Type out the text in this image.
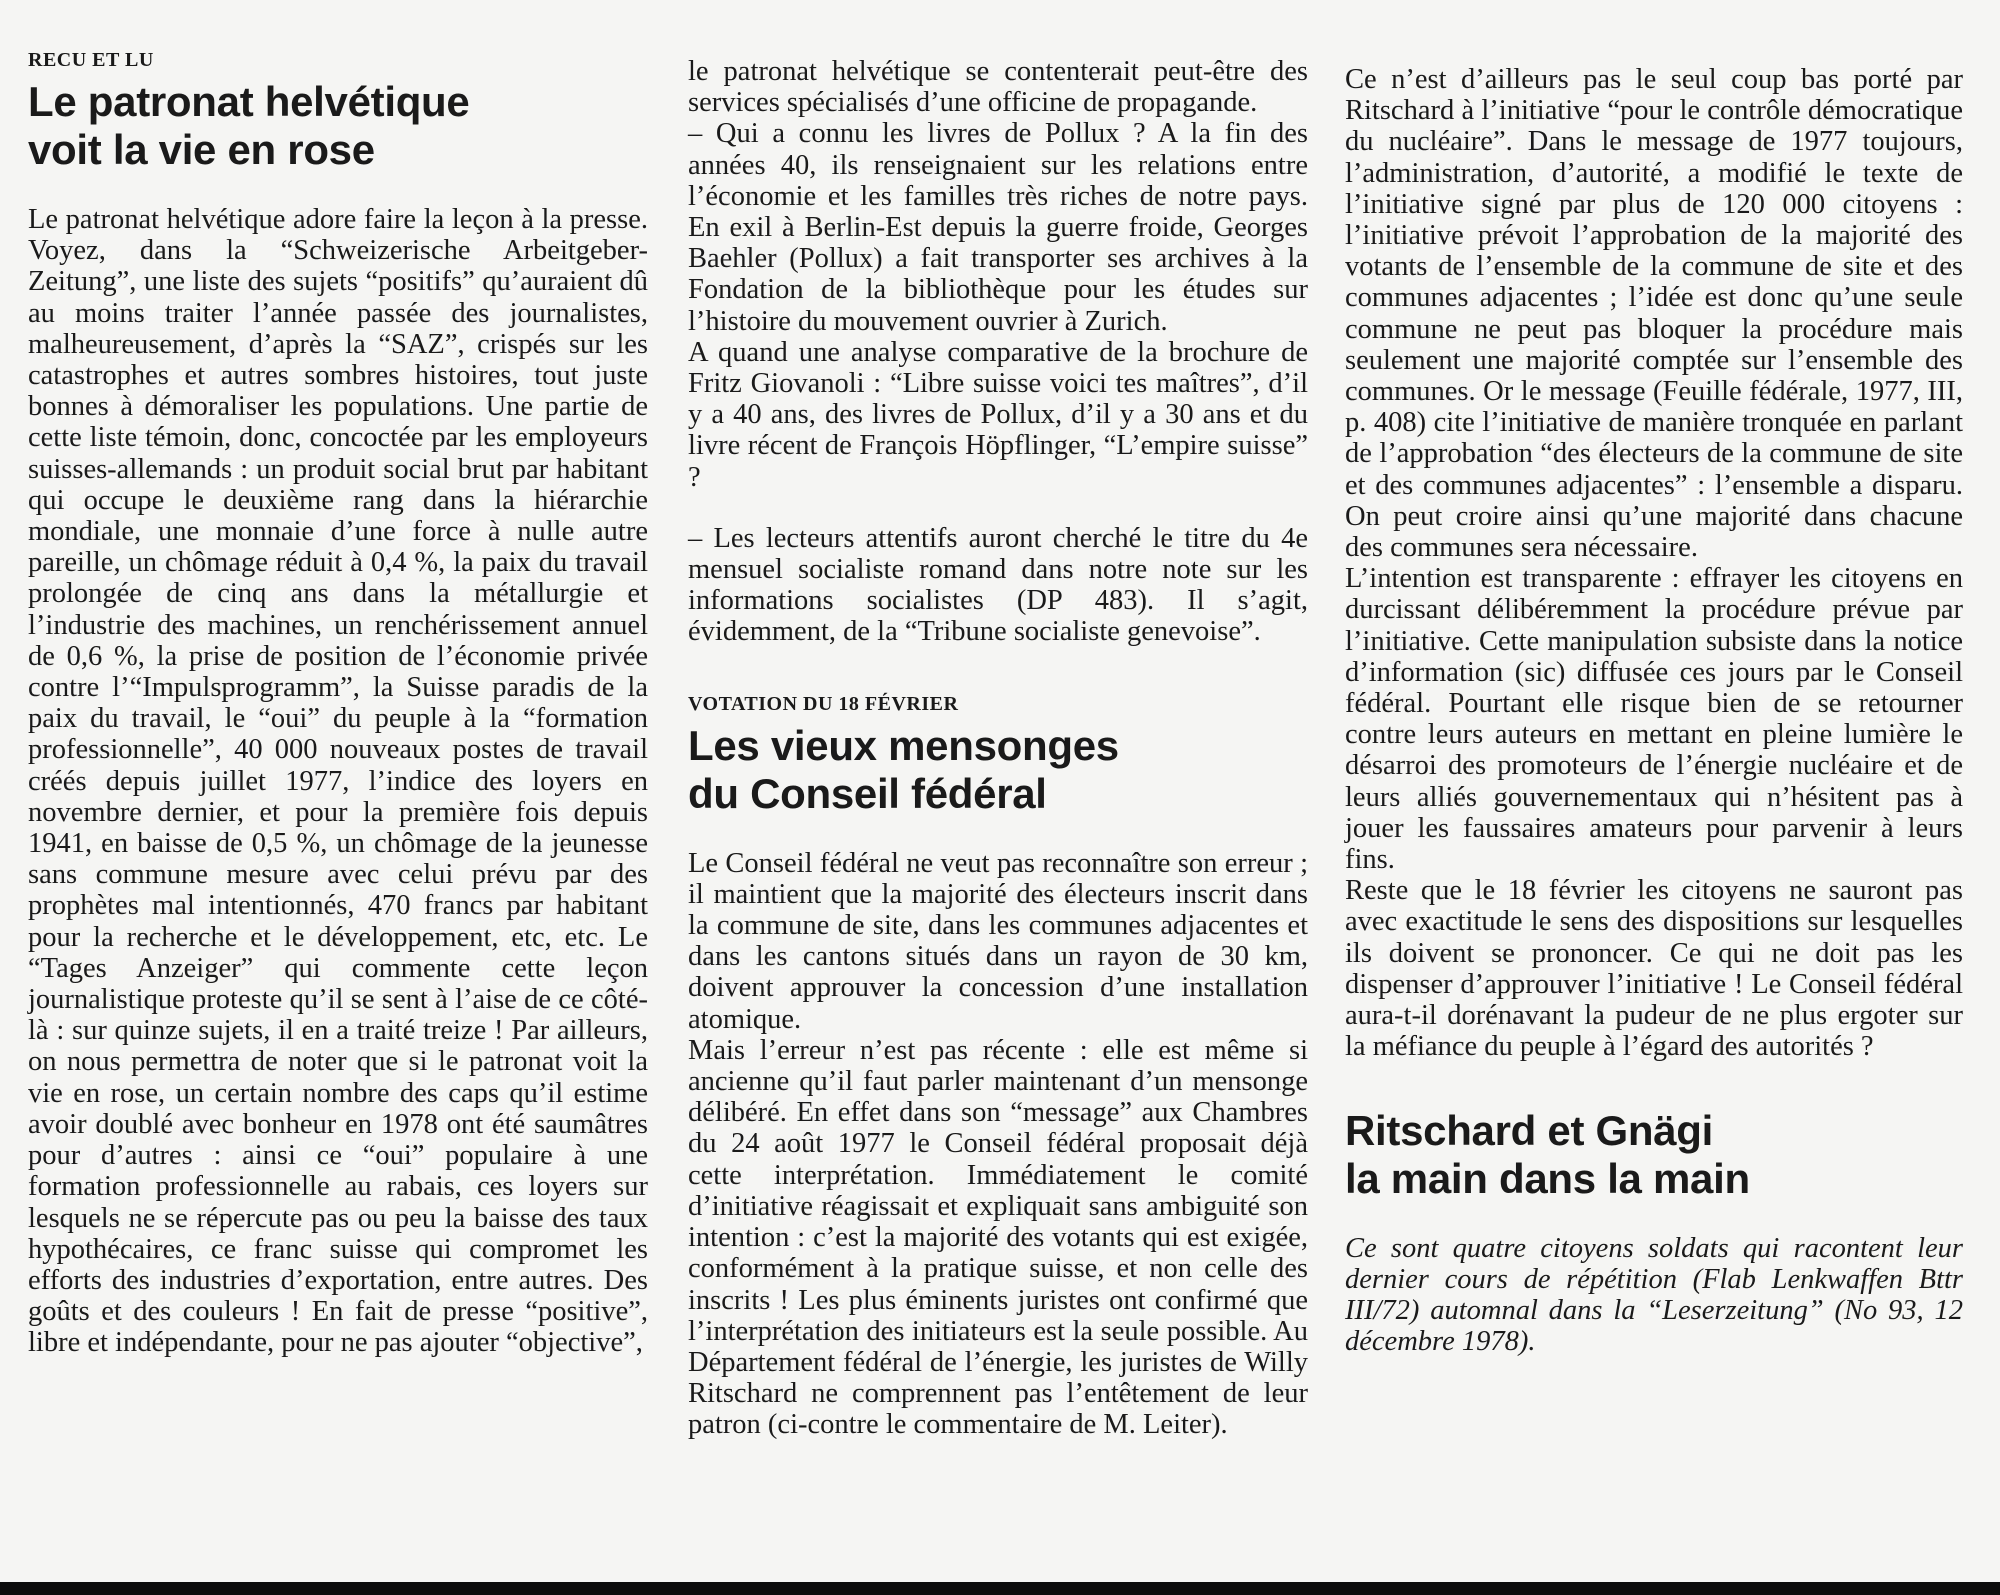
RECU ET LU
Le patronat helvétique
voit la vie en rose

Le patronat helvétique adore faire la leçon à la presse. Voyez, dans la “Schweizerische Arbeitgeber-Zeitung”, une liste des sujets “positifs” qu’auraient dû au moins traiter l’année passée des journalistes, malheureusement, d’après la “SAZ”, crispés sur les catastrophes et autres sombres histoires, tout juste bonnes à démoraliser les populations. Une partie de cette liste témoin, donc, concoctée par les employeurs suisses-allemands : un produit social brut par habitant qui occupe le deuxième rang dans la hiérarchie mondiale, une monnaie d’une force à nulle autre pareille, un chômage réduit à 0,4 %, la paix du travail prolongée de cinq ans dans la métallurgie et l’industrie des machines, un renchérissement annuel de 0,6 %, la prise de position de l’économie privée contre l’“Impulsprogramm”, la Suisse paradis de la paix du travail, le “oui” du peuple à la “formation professionnelle”, 40 000 nouveaux postes de travail créés depuis juillet 1977, l’indice des loyers en novembre dernier, et pour la première fois depuis 1941, en baisse de 0,5 %, un chômage de la jeunesse sans commune mesure avec celui prévu par des prophètes mal intentionnés, 470 francs par habitant pour la recherche et le développement, etc, etc. Le “Tages Anzeiger” qui commente cette leçon journalistique proteste qu’il se sent à l’aise de ce côté-là : sur quinze sujets, il en a traité treize ! Par ailleurs, on nous permettra de noter que si le patronat voit la vie en rose, un certain nombre des caps qu’il estime avoir doublé avec bonheur en 1978 ont été saumâtres pour d’autres : ainsi ce “oui” populaire à une formation professionnelle au rabais, ces loyers sur lesquels ne se répercute pas ou peu la baisse des taux hypothécaires, ce franc suisse qui compromet les efforts des industries d’exportation, entre autres. Des goûts et des couleurs ! En fait de presse “positive”, libre et indépendante, pour ne pas ajouter “objective”,

le patronat helvétique se contenterait peut-être des services spécialisés d’une officine de propagande.

– Qui a connu les livres de Pollux ? A la fin des années 40, ils renseignaient sur les relations entre l’économie et les familles très riches de notre pays. En exil à Berlin-Est depuis la guerre froide, Georges Baehler (Pollux) a fait transporter ses archives à la Fondation de la bibliothèque pour les études sur l’histoire du mouvement ouvrier à Zurich.

A quand une analyse comparative de la brochure de Fritz Giovanoli : “Libre suisse voici tes maîtres”, d’il y a 40 ans, des livres de Pollux, d’il y a 30 ans et du livre récent de François Höpflinger, “L’empire suisse” ?

– Les lecteurs attentifs auront cherché le titre du 4e mensuel socialiste romand dans notre note sur les informations socialistes (DP 483). Il s’agit, évidemment, de la “Tribune socialiste genevoise”.

VOTATION DU 18 FÉVRIER
Les vieux mensonges
du Conseil fédéral

Le Conseil fédéral ne veut pas reconnaître son erreur ; il maintient que la majorité des électeurs inscrit dans la commune de site, dans les communes adjacentes et dans les cantons situés dans un rayon de 30 km, doivent approuver la concession d’une installation atomique.

Mais l’erreur n’est pas récente : elle est même si ancienne qu’il faut parler maintenant d’un mensonge délibéré. En effet dans son “message” aux Chambres du 24 août 1977 le Conseil fédéral proposait déjà cette interprétation. Immédiatement le comité d’initiative réagissait et expliquait sans ambiguité son intention : c’est la majorité des votants qui est exigée, conformément à la pratique suisse, et non celle des inscrits ! Les plus éminents juristes ont confirmé que l’interprétation des initiateurs est la seule possible. Au Département fédéral de l’énergie, les juristes de Willy Ritschard ne comprennent pas l’entêtement de leur patron (ci-contre le commentaire de M. Leiter).

Ce n’est d’ailleurs pas le seul coup bas porté par Ritschard à l’initiative “pour le contrôle démocratique du nucléaire”. Dans le message de 1977 toujours, l’administration, d’autorité, a modifié le texte de l’initiative signé par plus de 120 000 citoyens : l’initiative prévoit l’approbation de la majorité des votants de l’ensemble de la commune de site et des communes adjacentes ; l’idée est donc qu’une seule commune ne peut pas bloquer la procédure mais seulement une majorité comptée sur l’ensemble des communes. Or le message (Feuille fédérale, 1977, III, p. 408) cite l’initiative de manière tronquée en parlant de l’approbation “des électeurs de la commune de site et des communes adjacentes” : l’ensemble a disparu. On peut croire ainsi qu’une majorité dans chacune des communes sera nécessaire.

L’intention est transparente : effrayer les citoyens en durcissant délibéremment la procédure prévue par l’initiative. Cette manipulation subsiste dans la notice d’information (sic) diffusée ces jours par le Conseil fédéral. Pourtant elle risque bien de se retourner contre leurs auteurs en mettant en pleine lumière le désarroi des promoteurs de l’énergie nucléaire et de leurs alliés gouvernementaux qui n’hésitent pas à jouer les faussaires amateurs pour parvenir à leurs fins.

Reste que le 18 février les citoyens ne sauront pas avec exactitude le sens des dispositions sur lesquelles ils doivent se prononcer. Ce qui ne doit pas les dispenser d’approuver l’initiative ! Le Conseil fédéral aura-t-il dorénavant la pudeur de ne plus ergoter sur la méfiance du peuple à l’égard des autorités ?

Ritschard et Gnägi
la main dans la main

Ce sont quatre citoyens soldats qui racontent leur dernier cours de répétition (Flab Lenkwaffen Bttr III/72) automnal dans la “Leserzeitung” (No 93, 12 décembre 1978).
